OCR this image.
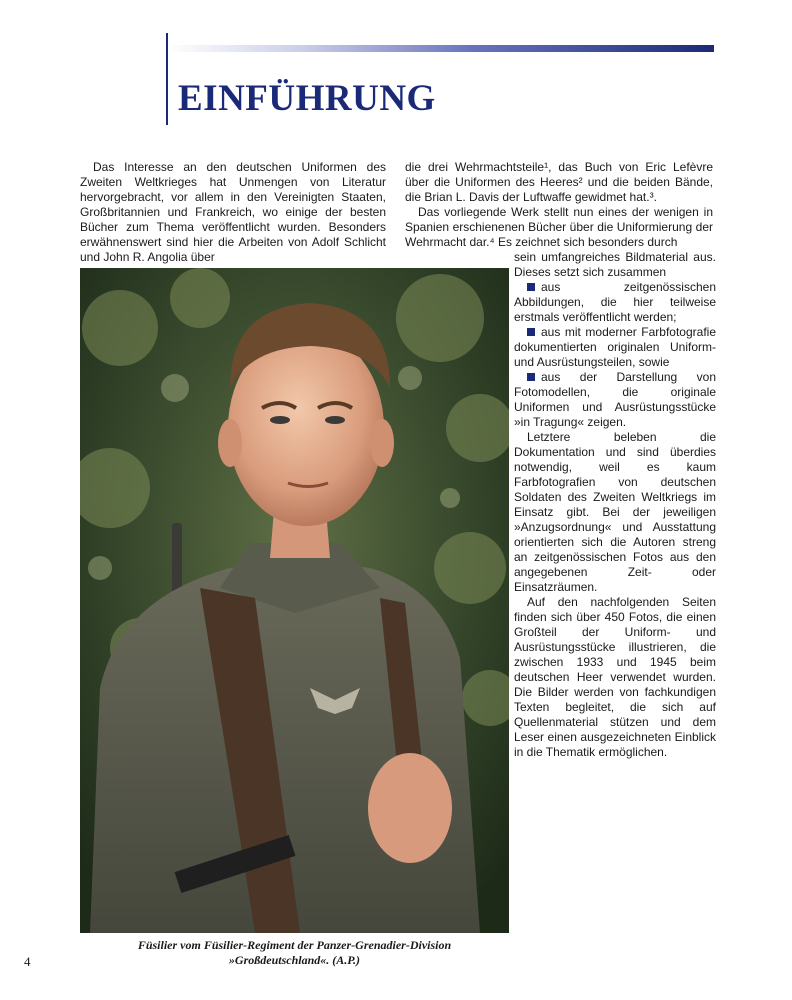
EINFÜHRUNG

Das Interesse an den deutschen Uniformen des Zweiten Weltkrieges hat Unmengen von Literatur hervorgebracht, vor allem in den Vereinigten Staaten, Großbritannien und Frankreich, wo einige der besten Bücher zum Thema veröffentlicht wurden. Besonders erwähnenswert sind hier die Arbeiten von Adolf Schlicht und John R. Angolia über

die drei Wehrmachtsteile¹, das Buch von Eric Lefèvre über die Uniformen des Heeres² und die beiden Bände, die Brian L. Davis der Luftwaffe gewidmet hat.³.

Das vorliegende Werk stellt nun eines der wenigen in Spanien erschienenen Bücher über die Uniformierung der Wehrmacht dar.⁴ Es zeichnet sich besonders durch

sein umfangreiches Bildmaterial aus. Dieses setzt sich zusammen

aus zeitgenössischen Abbildungen, die hier teilweise erstmals veröffentlicht werden;

aus mit moderner Farbfotografie dokumentierten originalen Uniform- und Ausrüstungsteilen, sowie

aus der Darstellung von Fotomodellen, die originale Uniformen und Ausrüstungsstücke »in Tragung« zeigen.

Letztere beleben die Dokumentation und sind überdies notwendig, weil es kaum Farbfotografien von deutschen Soldaten des Zweiten Weltkriegs im Einsatz gibt. Bei der jeweiligen »Anzugsordnung« und Ausstattung orientierten sich die Autoren streng an zeitgenössischen Fotos aus den angegebenen Zeit- oder Einsatzräumen.

Auf den nachfolgenden Seiten finden sich über 450 Fotos, die einen Großteil der Uniform- und Ausrüstungsstücke illustrieren, die zwischen 1933 und 1945 beim deutschen Heer verwendet wurden. Die Bilder werden von fachkundigen Texten begleitet, die sich auf Quellenmaterial stützen und dem Leser einen ausgezeichneten Einblick in die Thematik ermöglichen.

Füsilier vom Füsilier-Regiment der Panzer-Grenadier-Division
»Großdeutschland«. (A.P.)
4
